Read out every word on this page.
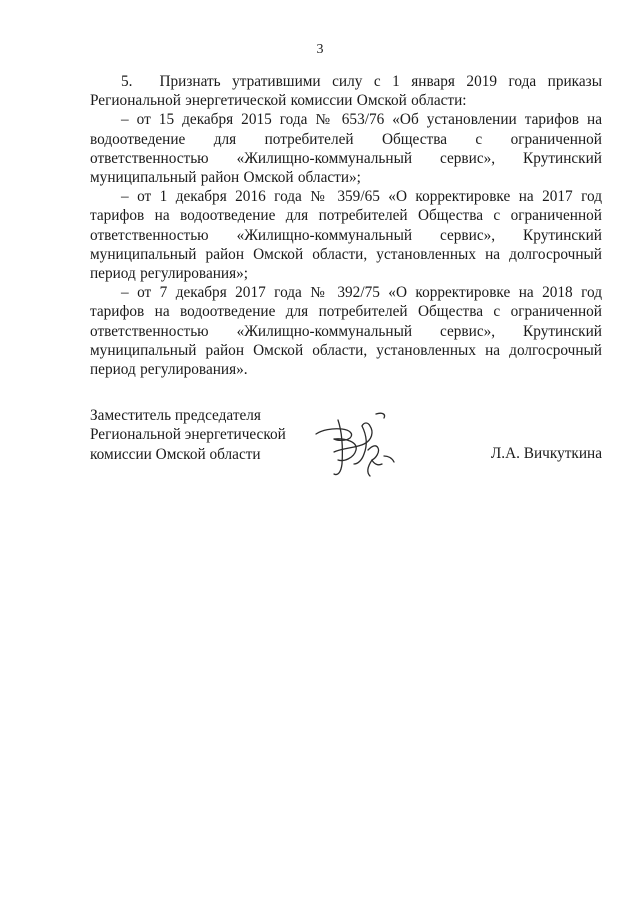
3

5. Признать утратившими силу с 1 января 2019 года приказы Региональной энергетической комиссии Омской области:

– от 15 декабря 2015 года № 653/76 «Об установлении тарифов на водоотведение для потребителей Общества с ограниченной ответственностью «Жилищно-коммунальный сервис», Крутинский муниципальный район Омской области»;

– от 1 декабря 2016 года № 359/65 «О корректировке на 2017 год тарифов на водоотведение для потребителей Общества с ограниченной ответственностью «Жилищно-коммунальный сервис», Крутинский муниципальный район Омской области, установленных на долгосрочный период регулирования»;

– от 7 декабря 2017 года № 392/75 «О корректировке на 2018 год тарифов на водоотведение для потребителей Общества с ограниченной ответственностью «Жилищно-коммунальный сервис», Крутинский муниципальный район Омской области, установленных на долгосрочный период регулирования».

Заместитель председателя
Региональной энергетической
комиссии Омской области	Л.А. Вичкуткина
